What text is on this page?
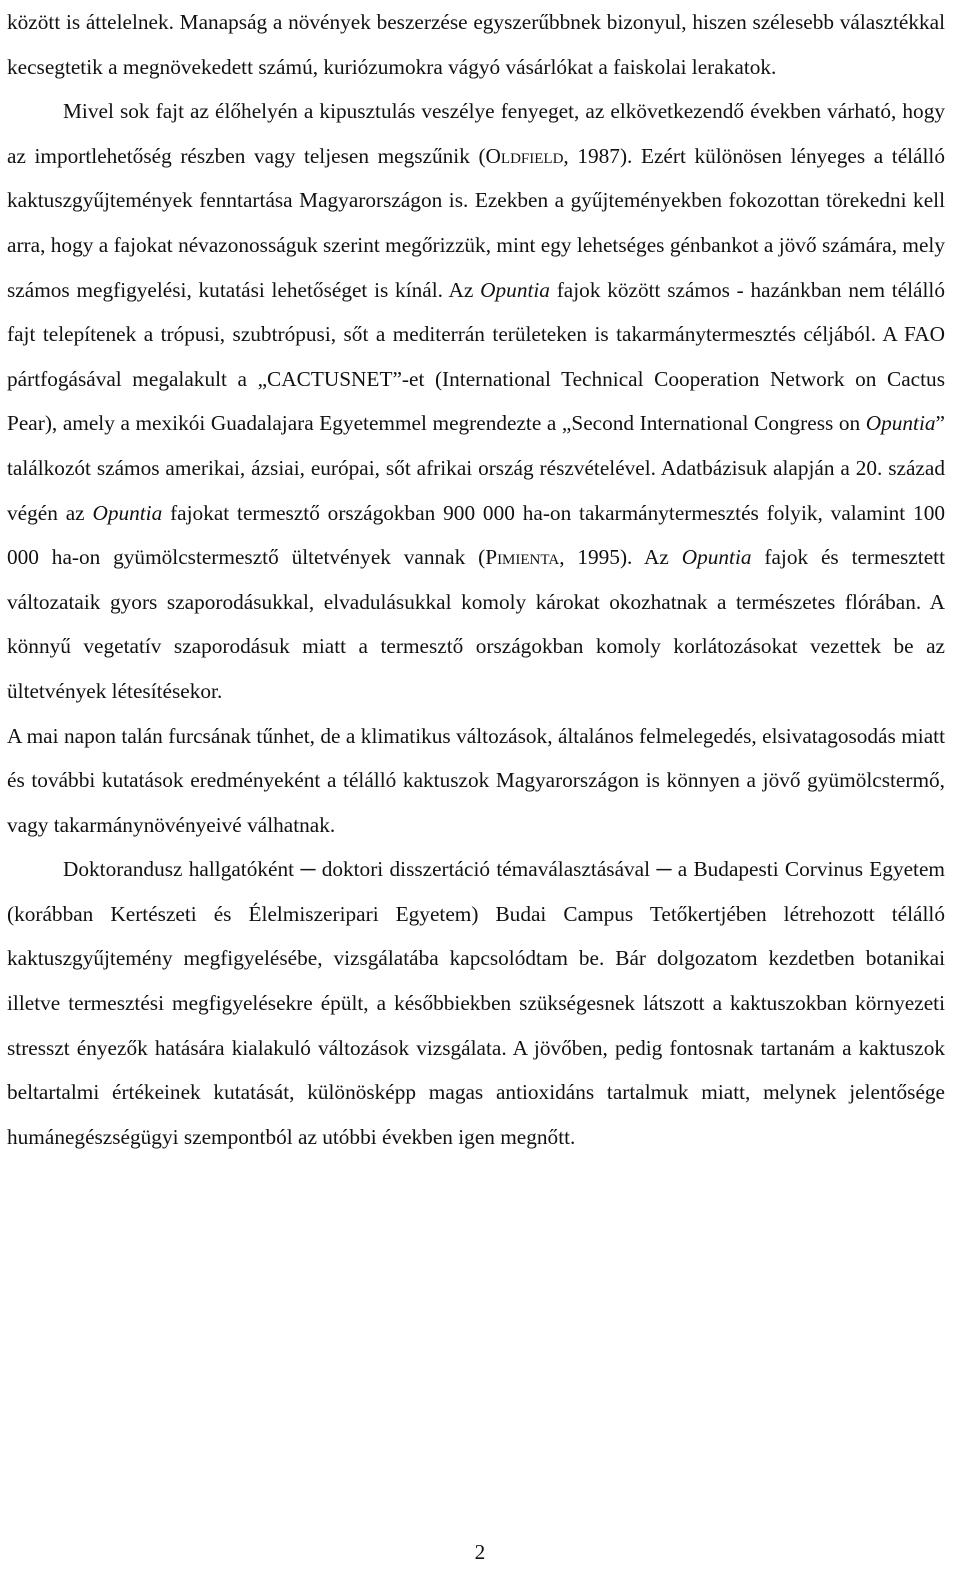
között is áttelelnek. Manapság a növények beszerzése egyszerűbbnek bizonyul, hiszen szélesebb választékkal kecsegtetik a megnövekedett számú, kuriózumokra vágyó vásárlókat a faiskolai lerakatok.

Mivel sok fajt az élőhelyén a kipusztulás veszélye fenyeget, az elkövetkezendő években várható, hogy az importlehetőség részben vagy teljesen megszűnik (Oldfield, 1987). Ezért különösen lényeges a télálló kaktuszgyűjtemények fenntartása Magyarországon is. Ezekben a gyűjteményekben fokozottan törekedni kell arra, hogy a fajokat névazonosságuk szerint megőrizzük, mint egy lehetséges génbankot a jövő számára, mely számos megfigyelési, kutatási lehetőséget is kínál. Az Opuntia fajok között számos - hazánkban nem télálló fajt telepítenek a trópusi, szubtrópusi, sőt a mediterrán területeken is takarmánytermesztés céljából. A FAO pártfogásával megalakult a „CACTUSNET”-et (International Technical Cooperation Network on Cactus Pear), amely a mexikói Guadalajara Egyetemmel megrendezte a „Second International Congress on Opuntia” találkozót számos amerikai, ázsiai, európai, sőt afrikai ország részvételével. Adatbázisuk alapján a 20. század végén az Opuntia fajokat termesztő országokban 900 000 ha-on takarmánytermesztés folyik, valamint 100 000 ha-on gyümölcstermesztő ültetvények vannak (Pimienta, 1995). Az Opuntia fajok és termesztett változataik gyors szaporodásukkal, elvadulásukkal komoly károkat okozhatnak a természetes flórában. A könnyű vegetatív szaporodásuk miatt a termesztő országokban komoly korlátozásokat vezettek be az ültetvények létesítésekor.

A mai napon talán furcsának tűnhet, de a klimatikus változások, általános felmelegedés, elsivatagosodás miatt és további kutatások eredményeként a télálló kaktuszok Magyarországon is könnyen a jövő gyümölcstermő, vagy takarmánynövényeivé válhatnak.

Doktorandusz hallgatóként ─ doktori disszertáció témaválasztásával ─ a Budapesti Corvinus Egyetem (korábban Kertészeti és Élelmiszeripari Egyetem) Budai Campus Tetőkertjében létrehozott télálló kaktuszgyűjtemény megfigyelésébe, vizsgálatába kapcsolódtam be. Bár dolgozatom kezdetben botanikai illetve termesztési megfigyelésekre épült, a későbbiekben szükségesnek látszott a kaktuszokban környezeti stresszt ényezők hatására kialakuló változások vizsgálata. A jövőben, pedig fontosnak tartanám a kaktuszok beltartalmi értékeinek kutatását, különösképp magas antioxidáns tartalmuk miatt, melynek jelentősége humánegészségügyi szempontból az utóbbi években igen megnőtt.

2
